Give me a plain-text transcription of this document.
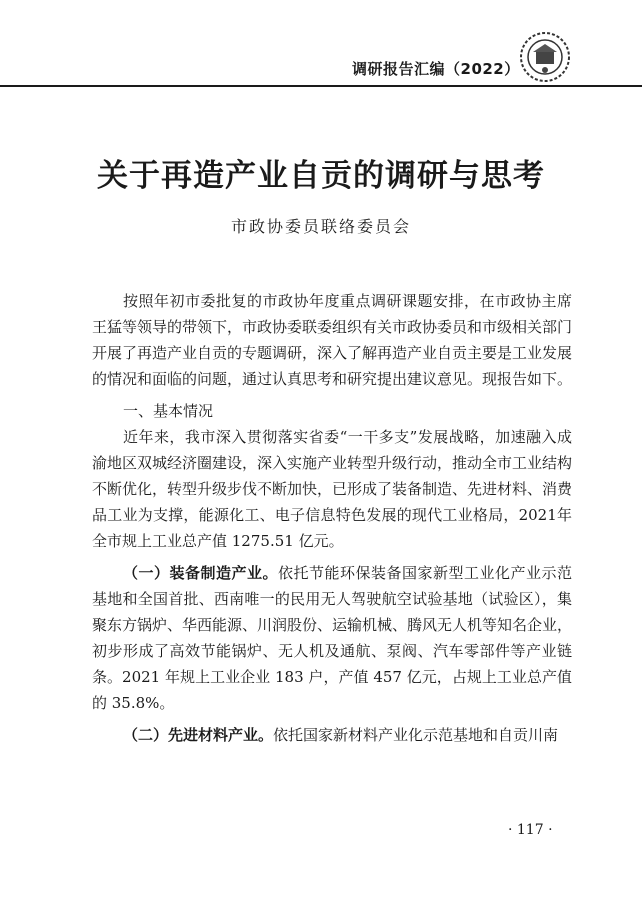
调研报告汇编（2022）
关于再造产业自贡的调研与思考
市政协委员联络委员会

按照年初市委批复的市政协年度重点调研课题安排，在市政协主席王猛等领导的带领下，市政协委联委组织有关市政协委员和市级相关部门开展了再造产业自贡的专题调研，深入了解再造产业自贡主要是工业发展的情况和面临的问题，通过认真思考和研究提出建议意见。现报告如下。

一、基本情况

近年来，我市深入贯彻落实省委“一干多支”发展战略，加速融入成渝地区双城经济圈建设，深入实施产业转型升级行动，推动全市工业结构不断优化，转型升级步伐不断加快，已形成了装备制造、先进材料、消费品工业为支撑，能源化工、电子信息特色发展的现代工业格局，2021年全市规上工业总产值 1275.51 亿元。

（一）装备制造产业。依托节能环保装备国家新型工业化产业示范基地和全国首批、西南唯一的民用无人驾驶航空试验基地（试验区），集聚东方锅炉、华西能源、川润股份、运输机械、腾风无人机等知名企业，初步形成了高效节能锅炉、无人机及通航、泵阀、汽车零部件等产业链条。2021 年规上工业企业 183 户，产值 457 亿元，占规上工业总产值的 35.8%。

（二）先进材料产业。依托国家新材料产业化示范基地和自贡川南

· 117 ·
